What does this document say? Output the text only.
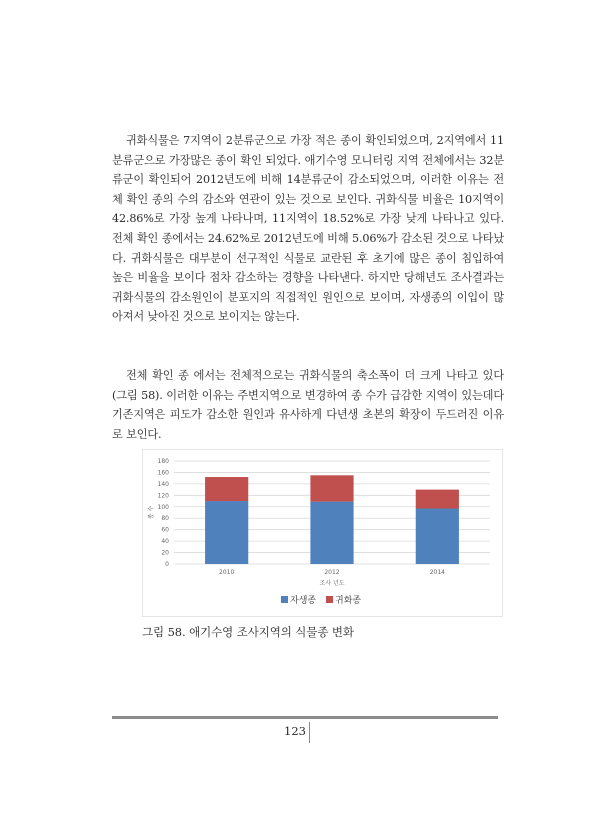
귀화식물은 7지역이 2분류군으로 가장 적은 종이 확인되었으며, 2지역에서 11분류군으로 가장많은 종이 확인 되었다. 애기수영 모니터링 지역 전체에서는 32분류군이 확인되어 2012년도에 비해 14분류군이 감소되었으며, 이러한 이유는 전체 확인 종의 수의 감소와 연관이 있는 것으로 보인다. 귀화식물 비율은 10지역이 42.86%로 가장 높게 나타나며, 11지역이 18.52%로 가장 낮게 나타나고 있다. 전체 확인 종에서는 24.62%로 2012년도에 비해 5.06%가 감소된 것으로 나타났다. 귀화식물은 대부분이 선구적인 식물로 교란된 후 초기에 많은 종이 침입하여 높은 비율을 보이다 점차 감소하는 경향을 나타낸다. 하지만 당해년도 조사결과는 귀화식물의 감소원인이 분포지의 직접적인 원인으로 보이며, 자생종의 이입이 많아져서 낮아진 것으로 보이지는 않는다.

전체 확인 종 에서는 전체적으로는 귀화식물의 축소폭이 더 크게 나타고 있다(그림 58). 이러한 이유는 주변지역으로 변경하여 종 수가 급감한 지역이 있는데다 기존지역은 피도가 감소한 원인과 유사하게 다년생 초본의 확장이 두드러진 이유로 보인다.

0
20
40
60
80
100
120
140
160
180
2010	2012	2014
조사 년도
종 수
자생종 귀화종
그림 58. 애기수영 조사지역의 식물종 변화
123
